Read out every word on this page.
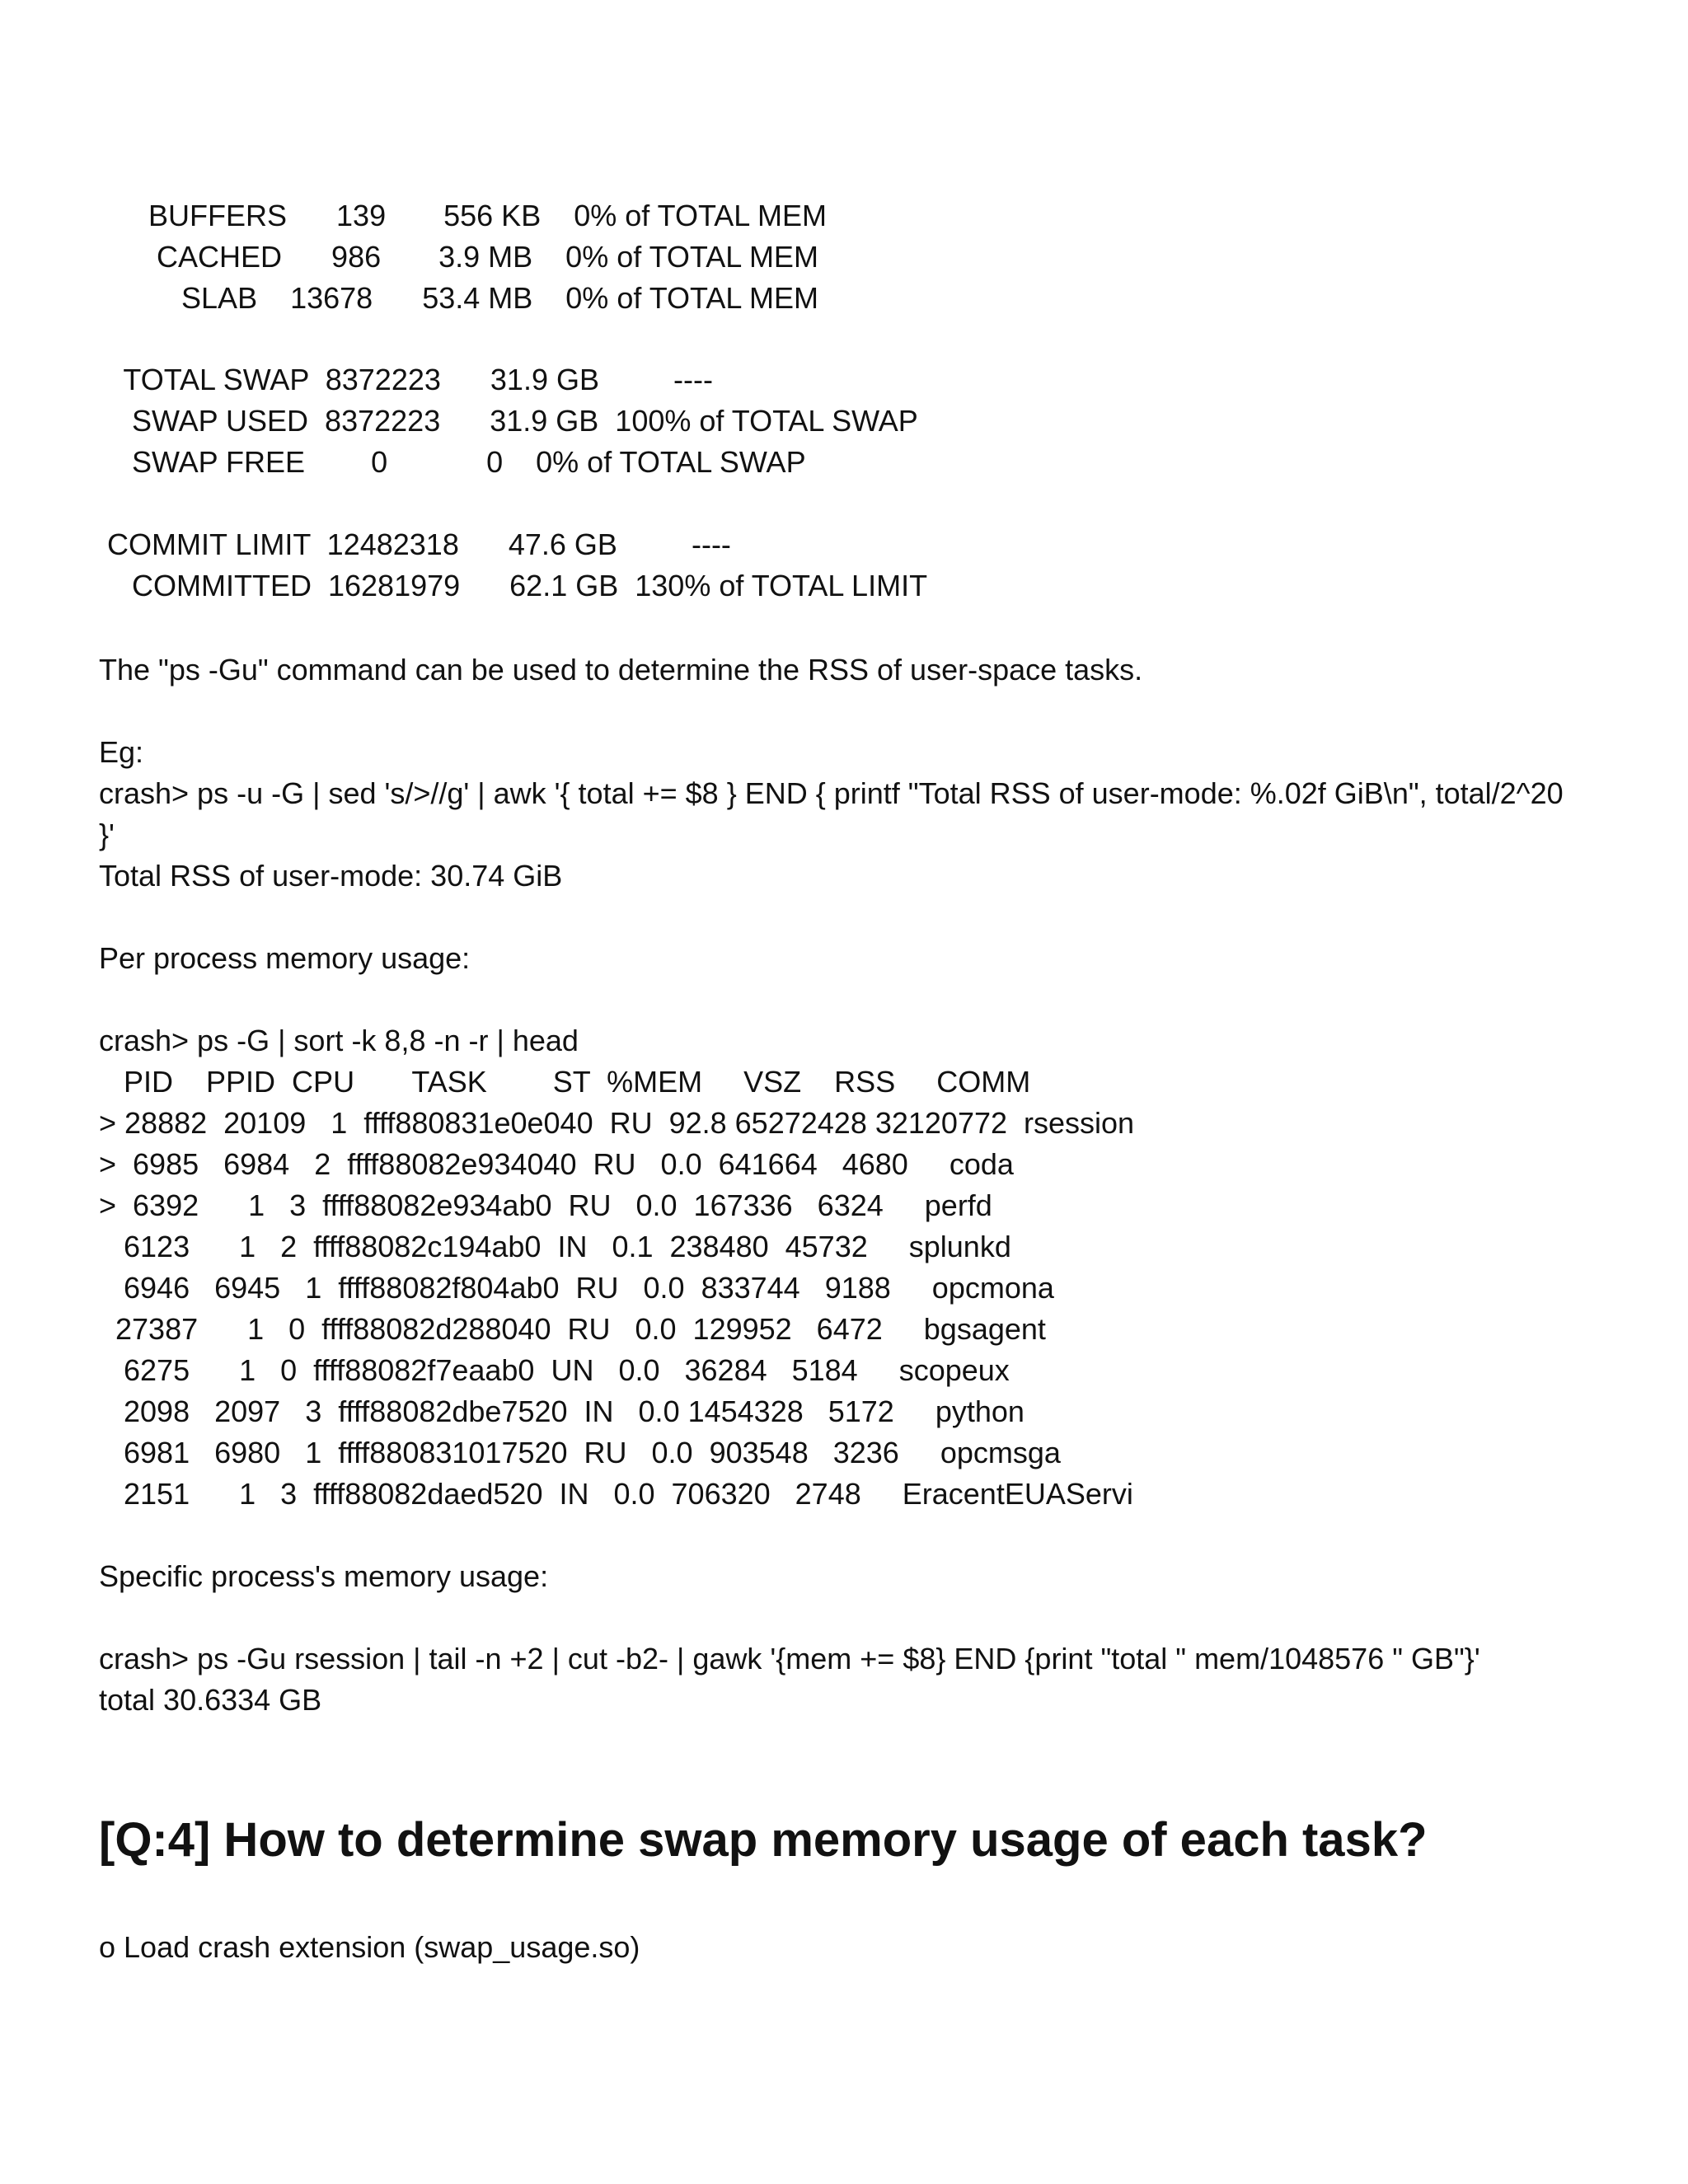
BUFFERS      139       556 KB    0% of TOTAL MEM

CACHED      986       3.9 MB    0% of TOTAL MEM

SLAB    13678      53.4 MB    0% of TOTAL MEM

TOTAL SWAP  8372223      31.9 GB         ----

SWAP USED  8372223      31.9 GB  100% of TOTAL SWAP

SWAP FREE        0            0    0% of TOTAL SWAP

COMMIT LIMIT  12482318      47.6 GB         ----

COMMITTED  16281979      62.1 GB  130% of TOTAL LIMIT

The "ps -Gu" command can be used to determine the RSS of user-space tasks.

Eg:

crash> ps -u -G | sed 's/>//g' | awk '{ total += $8 } END { printf "Total RSS of user-mode: %.02f GiB\n", total/2^20

}'

Total RSS of user-mode: 30.74 GiB

Per process memory usage:

crash> ps -G | sort -k 8,8 -n -r | head

PID    PPID  CPU       TASK        ST  %MEM     VSZ    RSS     COMM

> 28882  20109   1  ffff880831e0e040  RU  92.8 65272428 32120772  rsession

>  6985   6984   2  ffff88082e934040  RU   0.0  641664   4680     coda

>  6392      1   3  ffff88082e934ab0  RU   0.0  167336   6324     perfd

6123      1   2  ffff88082c194ab0  IN   0.1  238480  45732     splunkd

6946   6945   1  ffff88082f804ab0  RU   0.0  833744   9188     opcmona

27387      1   0  ffff88082d288040  RU   0.0  129952   6472     bgsagent

6275      1   0  ffff88082f7eaab0  UN   0.0   36284   5184     scopeux

2098   2097   3  ffff88082dbe7520  IN   0.0 1454328   5172     python

6981   6980   1  ffff880831017520  RU   0.0  903548   3236     opcmsga

2151      1   3  ffff88082daed520  IN   0.0  706320   2748     EracentEUAServi

Specific process's memory usage:

crash> ps -Gu rsession | tail -n +2 | cut -b2- | gawk '{mem += $8} END {print "total " mem/1048576 " GB"}'

total 30.6334 GB

[Q:4] How to determine swap memory usage of each task?

o Load crash extension (swap_usage.so)
